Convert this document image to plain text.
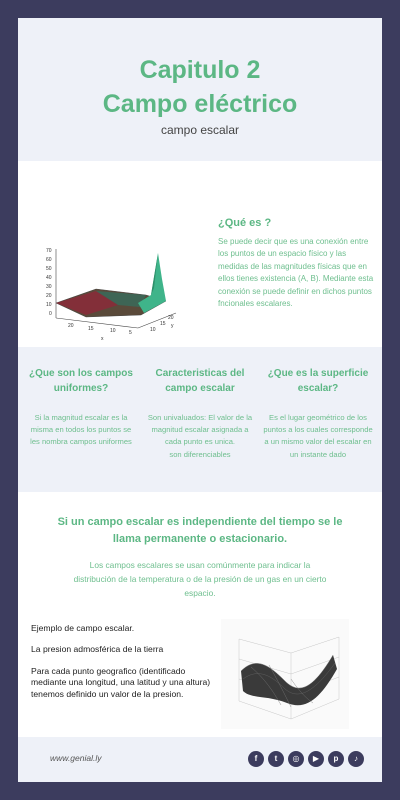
Capitulo 2
Campo eléctrico
campo escalar
70
60
50
40
30
20
10
0
20	15	10	5
x
10
15
20
y
¿Qué es ?
Se puede decir que es una conexión entre los puntos de un espacio físico y las medidas de las magnitudes físicas que en ellos tienes existencia (A, B). Mediante esta conexión se puede definir en dichos puntos fncionales escalares.
¿Que son los campos uniformes?

Si la magnitud escalar es la misma en todos los puntos se les nombra campos uniformes

Caracteristicas del campo escalar

Son univaluados: El valor de la magnitud escalar asignada a cada punto es unica.

son diferenciables

¿Que es la superficie escalar?

Es el lugar geométrico de los puntos a los cuales corresponde a un mismo valor del escalar en un instante dado

Si un campo escalar es independiente del tiempo se le llama permanente o estacionario.

Los campos escalares se usan comúnmente para indicar la distribución de la temperatura o de la presión de un gas en un cierto espacio.

Ejemplo de campo escalar.

La presion admosférica de la tierra

Para cada punto geografico (identificado mediante una longitud, una latitud y una altura) tenemos definido un valor de la presion.

www.genial.ly	f	t	◎	▶	p	♪
